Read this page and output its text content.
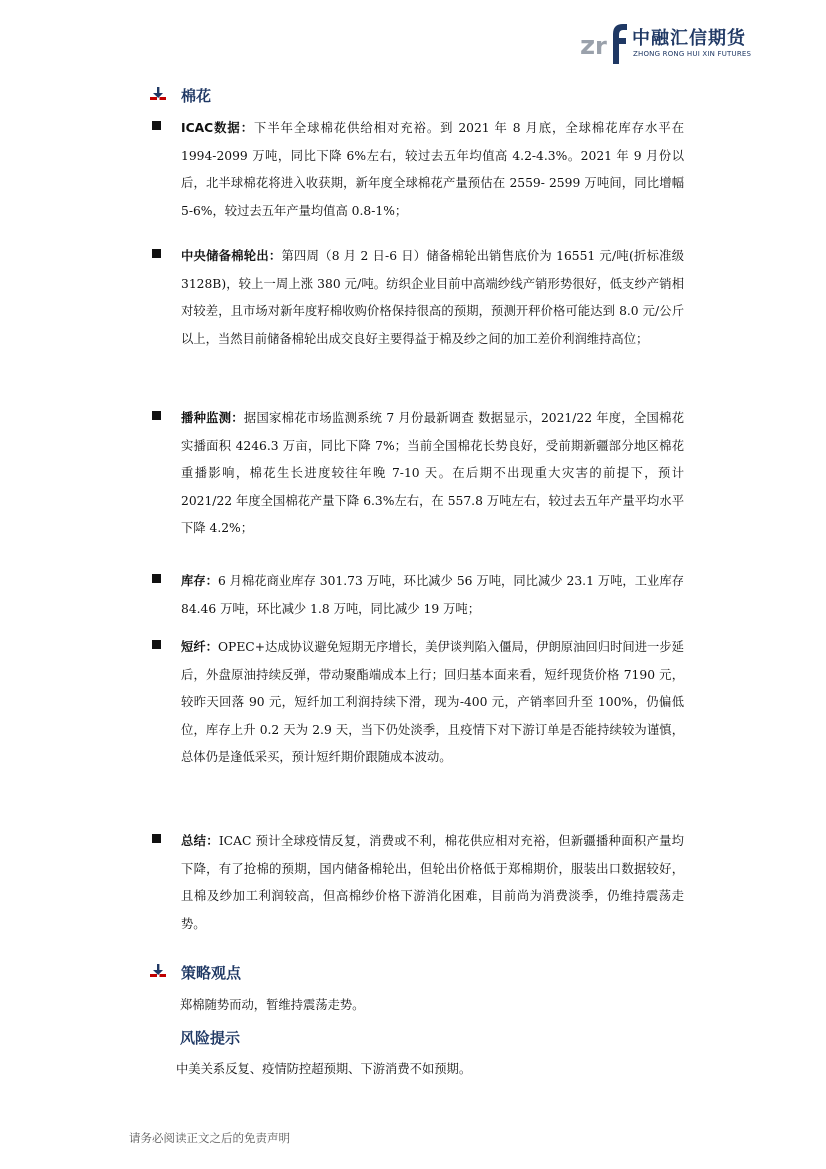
z r 中融汇信期货
ZHONG RONG HUI XIN FUTURES
棉花
ICAC数据：下半年全球棉花供给相对充裕。到 2021 年 8 月底，全球棉花库存水平在 1994-2099 万吨，同比下降 6%左右，较过去五年均值高 4.2-4.3%。2021 年 9 月份以后，北半球棉花将进入收获期，新年度全球棉花产量预估在 2559- 2599 万吨间，同比增幅 5-6%，较过去五年产量均值高 0.8-1%；
中央储备棉轮出：第四周（8 月 2 日-6 日）储备棉轮出销售底价为 16551 元/吨(折标准级 3128B)，较上一周上涨 380 元/吨。纺织企业目前中高端纱线产销形势很好，低支纱产销相对较差，且市场对新年度籽棉收购价格保持很高的预期，预测开秤价格可能达到 8.0 元/公斤以上，当然目前储备棉轮出成交良好主要得益于棉及纱之间的加工差价利润维持高位；
播种监测：据国家棉花市场监测系统 7 月份最新调查 数据显示，2021/22 年度，全国棉花实播面积 4246.3 万亩，同比下降 7%；当前全国棉花长势良好，受前期新疆部分地区棉花重播影响，棉花生长进度较往年晚 7-10 天。在后期不出现重大灾害的前提下，预计 2021/22 年度全国棉花产量下降 6.3%左右，在 557.8 万吨左右，较过去五年产量平均水平下降 4.2%；
库存：6 月棉花商业库存 301.73 万吨，环比减少 56 万吨，同比减少 23.1 万吨，工业库存 84.46 万吨，环比减少 1.8 万吨，同比减少 19 万吨；
短纤：OPEC+达成协议避免短期无序增长，美伊谈判陷入僵局，伊朗原油回归时间进一步延后，外盘原油持续反弹，带动聚酯端成本上行；回归基本面来看，短纤现货价格 7190 元，较昨天回落 90 元，短纤加工利润持续下滑，现为-400 元，产销率回升至 100%，仍偏低位，库存上升 0.2 天为 2.9 天，当下仍处淡季，且疫情下对下游订单是否能持续较为谨慎，总体仍是逢低采买，预计短纤期价跟随成本波动。
总结：ICAC 预计全球疫情反复，消费或不利，棉花供应相对充裕，但新疆播种面积产量均下降，有了抢棉的预期，国内储备棉轮出，但轮出价格低于郑棉期价，服装出口数据较好，且棉及纱加工利润较高，但高棉纱价格下游消化困难，目前尚为消费淡季，仍维持震荡走势。
策略观点
郑棉随势而动，暂维持震荡走势。
风险提示
中美关系反复、疫情防控超预期、下游消费不如预期。
请务必阅读正文之后的免责声明
